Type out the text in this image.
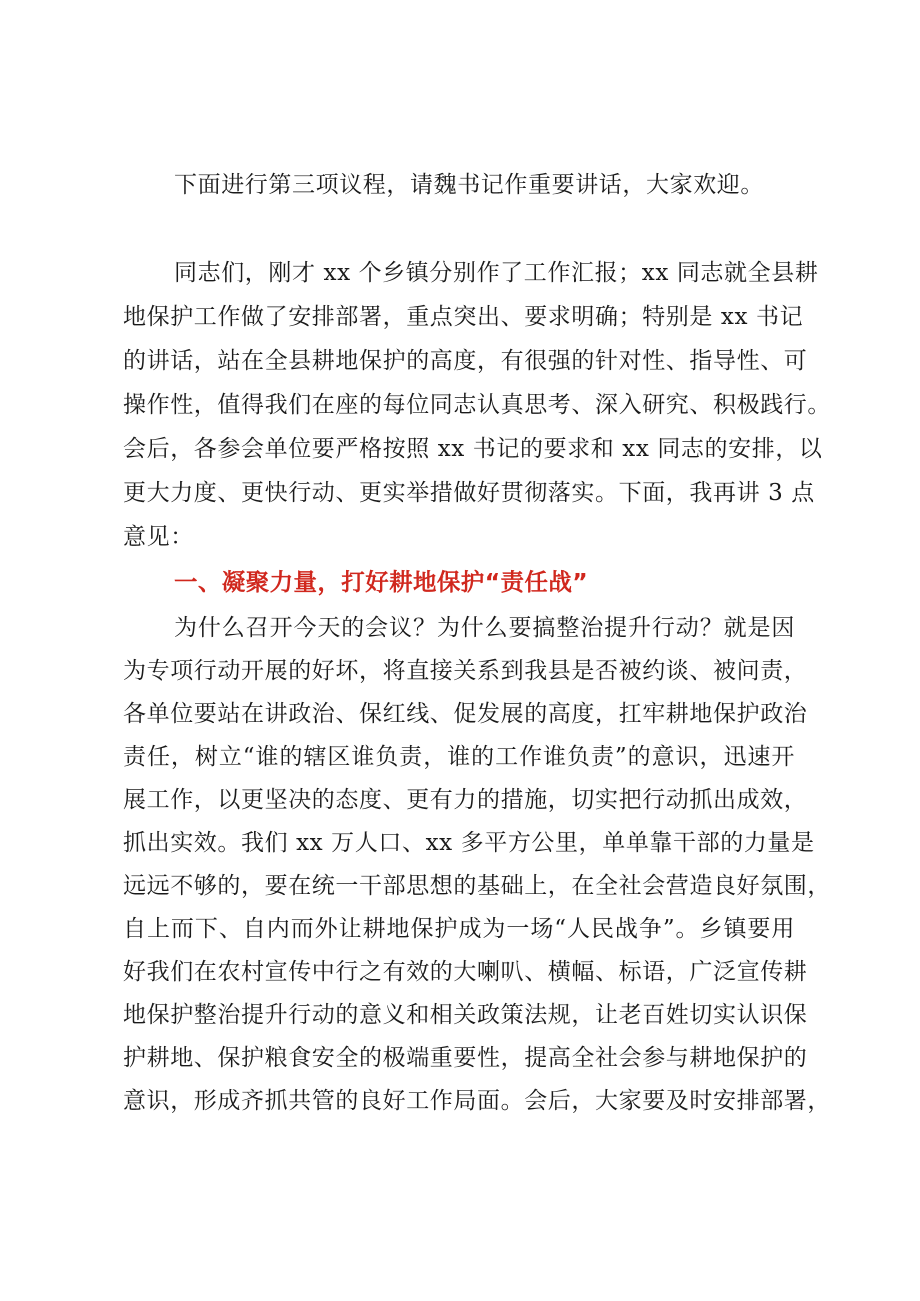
下面进行第三项议程，请魏书记作重要讲话，大家欢迎。
同志们，刚才 xx 个乡镇分别作了工作汇报；xx 同志就全县耕
地保护工作做了安排部署，重点突出、要求明确；特别是 xx 书记
的讲话，站在全县耕地保护的高度，有很强的针对性、指导性、可
操作性，值得我们在座的每位同志认真思考、深入研究、积极践行。
会后，各参会单位要严格按照 xx 书记的要求和 xx 同志的安排，以
更大力度、更快行动、更实举措做好贯彻落实。下面，我再讲 3 点
意见：
一、凝聚力量，打好耕地保护“责任战”
为什么召开今天的会议？为什么要搞整治提升行动？就是因
为专项行动开展的好坏，将直接关系到我县是否被约谈、被问责，
各单位要站在讲政治、保红线、促发展的高度，扛牢耕地保护政治
责任，树立“谁的辖区谁负责，谁的工作谁负责”的意识，迅速开
展工作，以更坚决的态度、更有力的措施，切实把行动抓出成效，
抓出实效。我们 xx 万人口、xx 多平方公里，单单靠干部的力量是
远远不够的，要在统一干部思想的基础上，在全社会营造良好氛围，
自上而下、自内而外让耕地保护成为一场“人民战争”。乡镇要用
好我们在农村宣传中行之有效的大喇叭、横幅、标语，广泛宣传耕
地保护整治提升行动的意义和相关政策法规，让老百姓切实认识保
护耕地、保护粮食安全的极端重要性，提高全社会参与耕地保护的
意识，形成齐抓共管的良好工作局面。会后，大家要及时安排部署，
